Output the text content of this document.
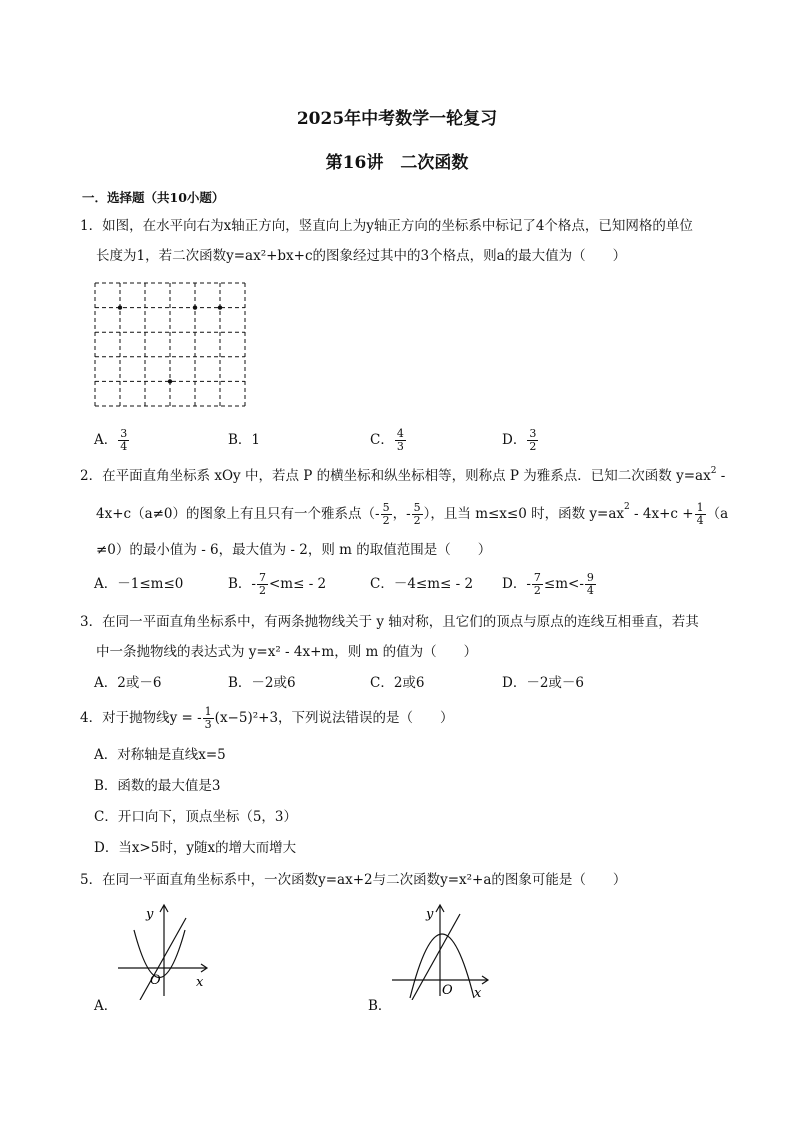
2025年中考数学一轮复习
第16讲　二次函数
一．选择题（共10小题）
1．如图，在水平向右为x轴正方向，竖直向上为y轴正方向的坐标系中标记了4个格点，已知网格的单位
长度为1，若二次函数y=ax²+bx+c的图象经过其中的3个格点，则a的最大值为（　　）
A． $\frac{3}{4}$	B．1	C． $\frac{4}{3}$	D． $\frac{3}{2}$
2．在平面直角坐标系 xOy 中，若点 P 的横坐标和纵坐标相等，则称点 P 为雅系点．已知二次函数 $y=ax^2$ -
4x+c（a≠0）的图象上有且只有一个雅系点（- $\frac{5}{2}$ ，- $\frac{5}{2}$ ），且当 m≤x≤0 时，函数 $y=ax^2 - 4x+c + \frac{1}{4} (a$
≠0）的最小值为 - 6，最大值为 - 2，则 m 的取值范围是（　　）
A．－1≤m≤0	B．- $\frac{7}{2} <m\le - 2$	C．－4≤m≤ - 2 D．- $\frac{7}{2} \le m<- \frac{9}{4}$
3．在同一平面直角坐标系中，有两条抛物线关于 y 轴对称，且它们的顶点与原点的连线互相垂直，若其
中一条抛物线的表达式为 y=x² - 4x+m，则 m 的值为（　　）
A．2或－6	B．－2或6	C．2或6	D．－2或－6
4．对于抛物线y = - $\frac{1}{3} (x-5)^2+3$，下列说法错误的是（　　）
A．对称轴是直线x=5
B．函数的最大值是3
C．开口向下，顶点坐标（5，3）
D．当x>5时，y随x的增大而增大
5．在同一平面直角坐标系中，一次函数y=ax+2与二次函数y=x²+a的图象可能是（　　）
y
x
O
A．
y
x
O
B．
